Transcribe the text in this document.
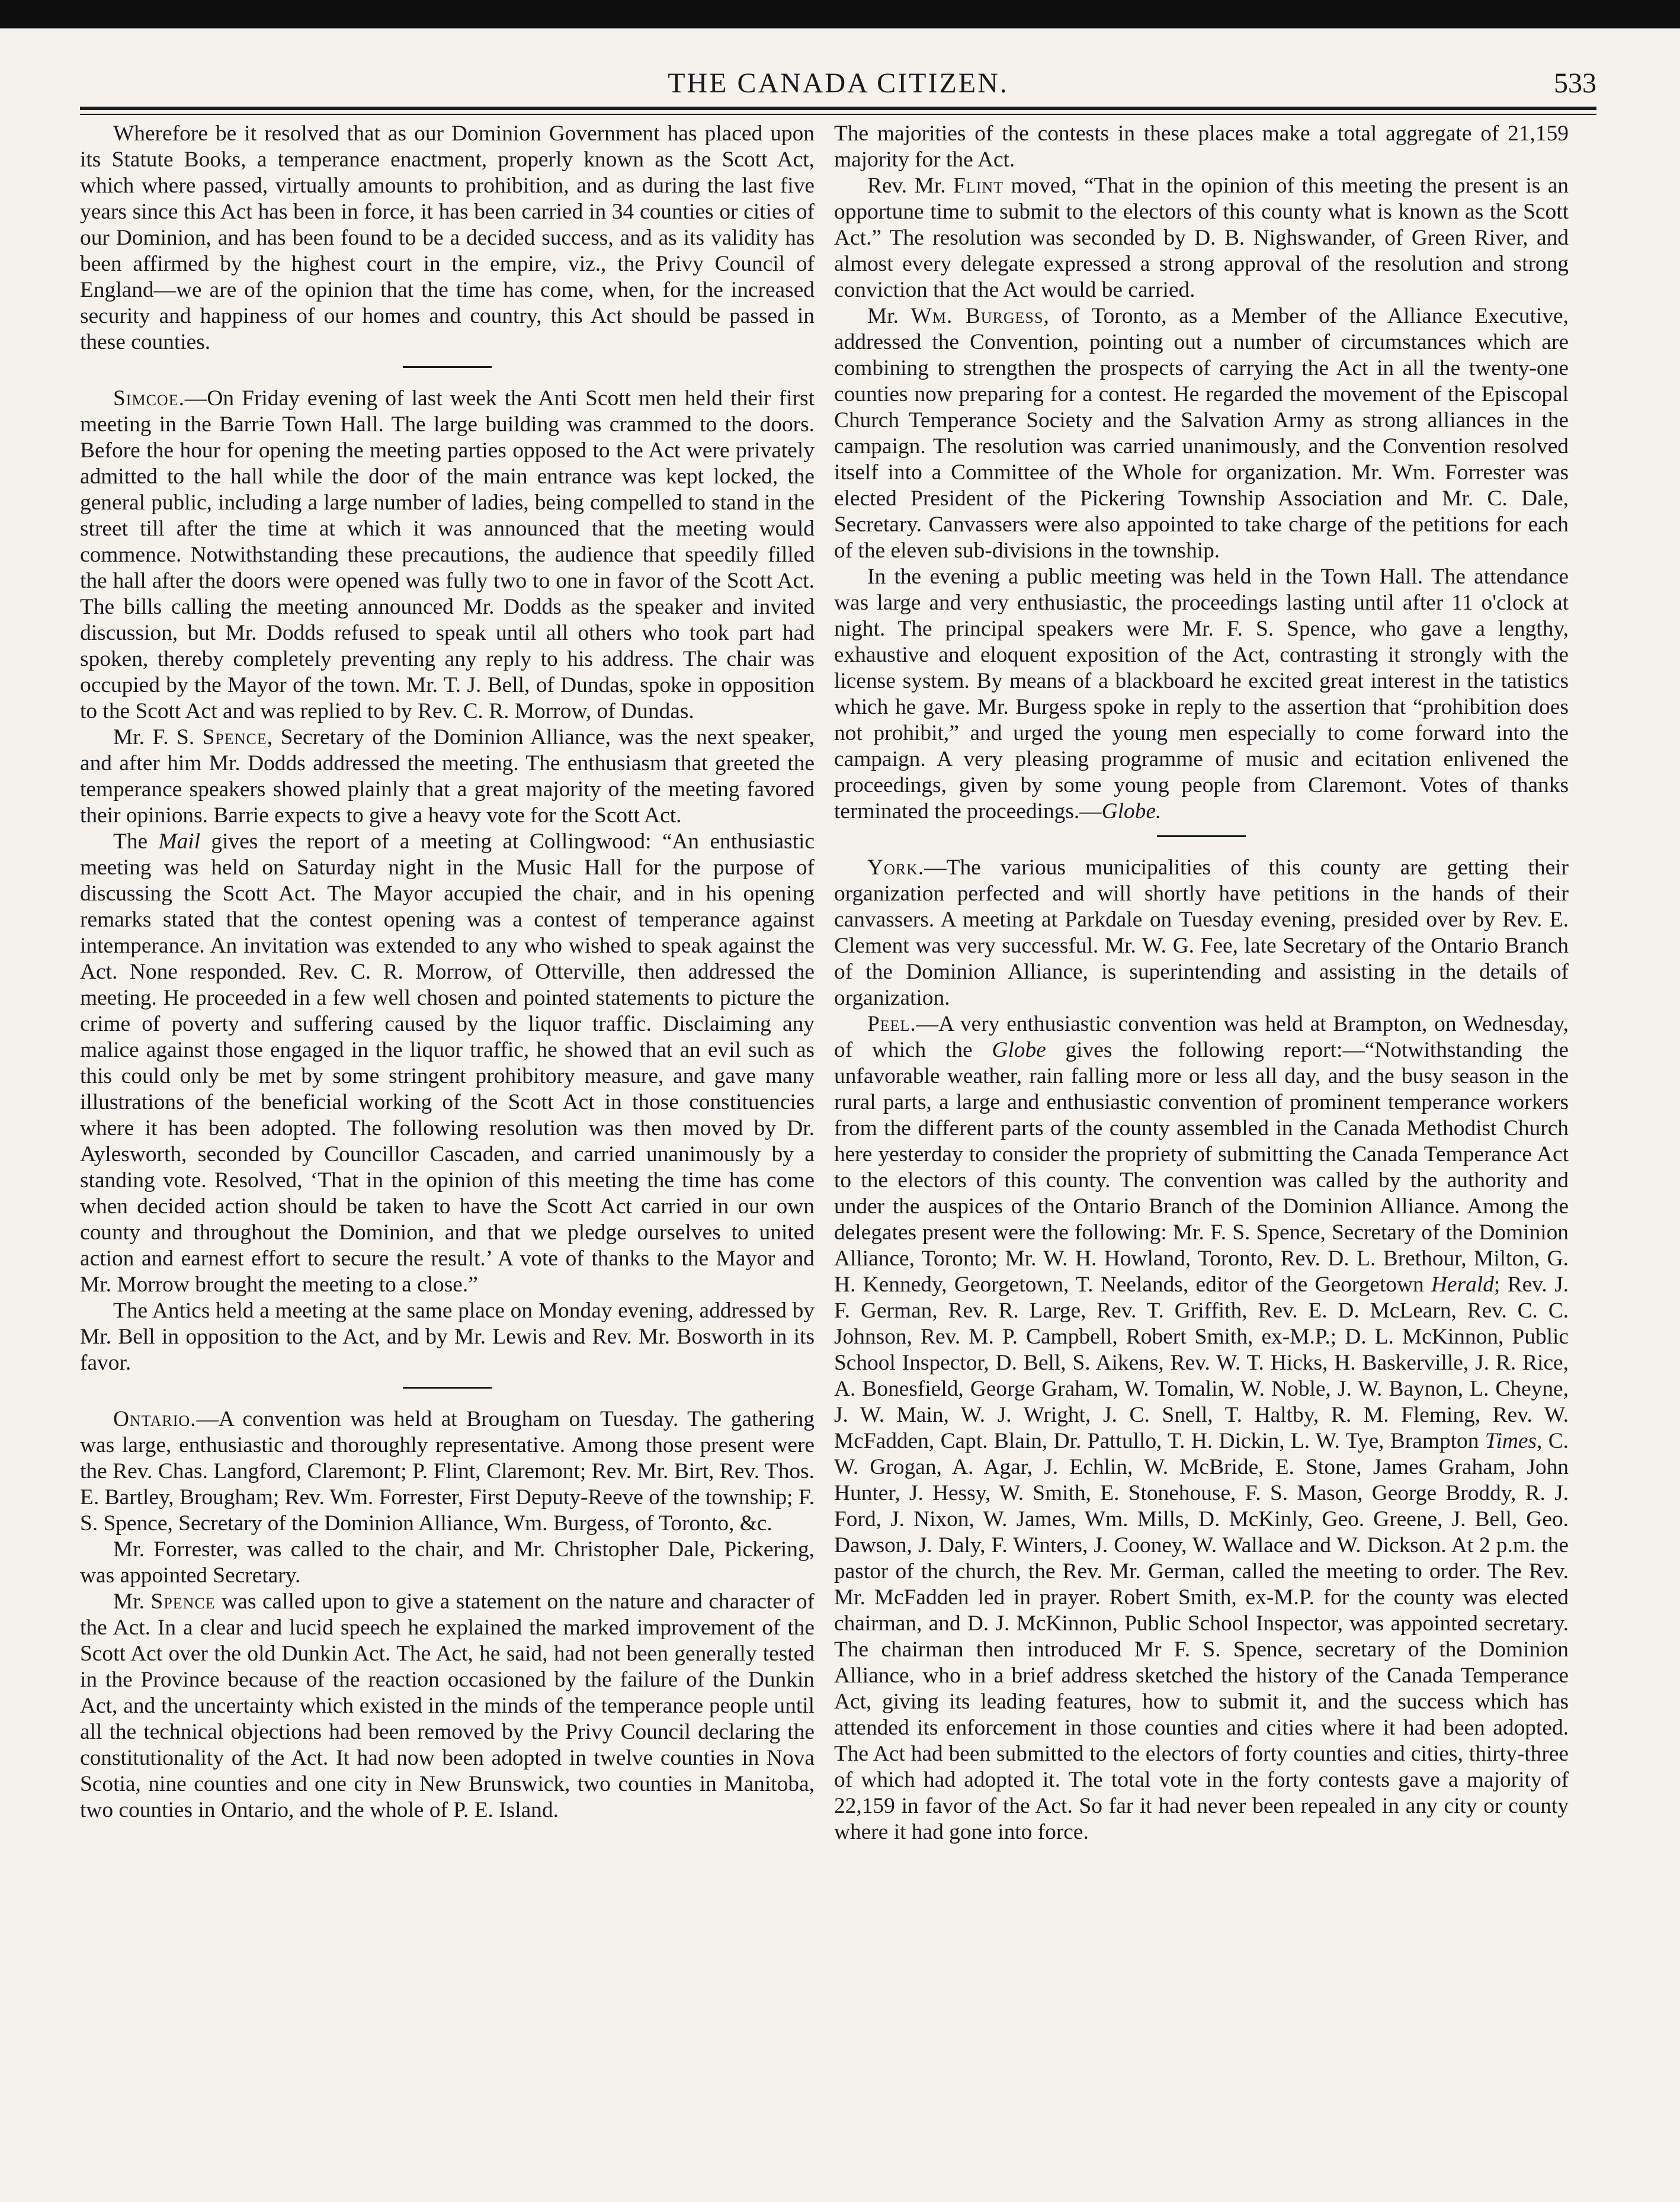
THE CANADA CITIZEN.	533

Wherefore be it resolved that as our Dominion Government has placed upon its Statute Books, a temperance enactment, properly known as the Scott Act, which where passed, virtually amounts to prohibition, and as during the last five years since this Act has been in force, it has been carried in 34 counties or cities of our Dominion, and has been found to be a decided success, and as its validity has been affirmed by the highest court in the empire, viz., the Privy Council of England—we are of the opinion that the time has come, when, for the increased security and happiness of our homes and country, this Act should be passed in these counties.

Simcoe.—On Friday evening of last week the Anti Scott men held their first meeting in the Barrie Town Hall. The large building was crammed to the doors. Before the hour for opening the meeting parties opposed to the Act were privately admitted to the hall while the door of the main entrance was kept locked, the general public, including a large number of ladies, being compelled to stand in the street till after the time at which it was announced that the meeting would commence. Notwithstanding these precautions, the audience that speedily filled the hall after the doors were opened was fully two to one in favor of the Scott Act. The bills calling the meeting announced Mr. Dodds as the speaker and invited discussion, but Mr. Dodds refused to speak until all others who took part had spoken, thereby completely preventing any reply to his address. The chair was occupied by the Mayor of the town. Mr. T. J. Bell, of Dundas, spoke in opposition to the Scott Act and was replied to by Rev. C. R. Morrow, of Dundas.

Mr. F. S. Spence, Secretary of the Dominion Alliance, was the next speaker, and after him Mr. Dodds addressed the meeting. The enthusiasm that greeted the temperance speakers showed plainly that a great majority of the meeting favored their opinions. Barrie expects to give a heavy vote for the Scott Act.

The Mail gives the report of a meeting at Collingwood: “An enthusiastic meeting was held on Saturday night in the Music Hall for the purpose of discussing the Scott Act. The Mayor accupied the chair, and in his opening remarks stated that the contest opening was a contest of temperance against intemperance. An invitation was extended to any who wished to speak against the Act. None responded. Rev. C. R. Morrow, of Otterville, then addressed the meeting. He proceeded in a few well chosen and pointed statements to picture the crime of poverty and suffering caused by the liquor traffic. Disclaiming any malice against those engaged in the liquor traffic, he showed that an evil such as this could only be met by some stringent prohibitory measure, and gave many illustrations of the beneficial working of the Scott Act in those constituencies where it has been adopted. The following resolution was then moved by Dr. Aylesworth, seconded by Councillor Cascaden, and carried unanimously by a standing vote. Resolved, ‘That in the opinion of this meeting the time has come when decided action should be taken to have the Scott Act carried in our own county and throughout the Dominion, and that we pledge ourselves to united action and earnest effort to secure the result.’ A vote of thanks to the Mayor and Mr. Morrow brought the meeting to a close.”

The Antics held a meeting at the same place on Monday evening, addressed by Mr. Bell in opposition to the Act, and by Mr. Lewis and Rev. Mr. Bosworth in its favor.

Ontario.—A convention was held at Brougham on Tuesday. The gathering was large, enthusiastic and thoroughly representative. Among those present were the Rev. Chas. Langford, Claremont; P. Flint, Claremont; Rev. Mr. Birt, Rev. Thos. E. Bartley, Brougham; Rev. Wm. Forrester, First Deputy-Reeve of the township; F. S. Spence, Secretary of the Dominion Alliance, Wm. Burgess, of Toronto, &c.

Mr. Forrester, was called to the chair, and Mr. Christopher Dale, Pickering, was appointed Secretary.

Mr. Spence was called upon to give a statement on the nature and character of the Act. In a clear and lucid speech he explained the marked improvement of the Scott Act over the old Dunkin Act. The Act, he said, had not been generally tested in the Province because of the reaction occasioned by the failure of the Dunkin Act, and the uncertainty which existed in the minds of the temperance people until all the technical objections had been removed by the Privy Council declaring the constitutionality of the Act. It had now been adopted in twelve counties in Nova Scotia, nine counties and one city in New Brunswick, two counties in Manitoba, two counties in Ontario, and the whole of P. E. Island.

The majorities of the contests in these places make a total aggregate of 21,159 majority for the Act.

Rev. Mr. Flint moved, “That in the opinion of this meeting the present is an opportune time to submit to the electors of this county what is known as the Scott Act.” The resolution was seconded by D. B. Nighswander, of Green River, and almost every delegate expressed a strong approval of the resolution and strong conviction that the Act would be carried.

Mr. Wm. Burgess, of Toronto, as a Member of the Alliance Executive, addressed the Convention, pointing out a number of circumstances which are combining to strengthen the prospects of carrying the Act in all the twenty-one counties now preparing for a contest. He regarded the movement of the Episcopal Church Temperance Society and the Salvation Army as strong alliances in the campaign. The resolution was carried unanimously, and the Convention resolved itself into a Committee of the Whole for organization. Mr. Wm. Forrester was elected President of the Pickering Township Association and Mr. C. Dale, Secretary. Canvassers were also appointed to take charge of the petitions for each of the eleven sub-divisions in the township.

In the evening a public meeting was held in the Town Hall. The attendance was large and very enthusiastic, the proceedings lasting until after 11 o'clock at night. The principal speakers were Mr. F. S. Spence, who gave a lengthy, exhaustive and eloquent exposition of the Act, contrasting it strongly with the license system. By means of a blackboard he excited great interest in the tatistics which he gave. Mr. Burgess spoke in reply to the assertion that “prohibition does not prohibit,” and urged the young men especially to come forward into the campaign. A very pleasing programme of music and ecitation enlivened the proceedings, given by some young people from Claremont. Votes of thanks terminated the proceedings.—Globe.

York.—The various municipalities of this county are getting their organization perfected and will shortly have petitions in the hands of their canvassers. A meeting at Parkdale on Tuesday evening, presided over by Rev. E. Clement was very successful. Mr. W. G. Fee, late Secretary of the Ontario Branch of the Dominion Alliance, is superintending and assisting in the details of organization.

Peel.—A very enthusiastic convention was held at Brampton, on Wednesday, of which the Globe gives the following report:—“Notwithstanding the unfavorable weather, rain falling more or less all day, and the busy season in the rural parts, a large and enthusiastic convention of prominent temperance workers from the different parts of the county assembled in the Canada Methodist Church here yesterday to consider the propriety of submitting the Canada Temperance Act to the electors of this county. The convention was called by the authority and under the auspices of the Ontario Branch of the Dominion Alliance. Among the delegates present were the following: Mr. F. S. Spence, Secretary of the Dominion Alliance, Toronto; Mr. W. H. Howland, Toronto, Rev. D. L. Brethour, Milton, G. H. Kennedy, Georgetown, T. Neelands, editor of the Georgetown Herald; Rev. J. F. German, Rev. R. Large, Rev. T. Griffith, Rev. E. D. McLearn, Rev. C. C. Johnson, Rev. M. P. Campbell, Robert Smith, ex-M.P.; D. L. McKinnon, Public School Inspector, D. Bell, S. Aikens, Rev. W. T. Hicks, H. Baskerville, J. R. Rice, A. Bonesfield, George Graham, W. Tomalin, W. Noble, J. W. Baynon, L. Cheyne, J. W. Main, W. J. Wright, J. C. Snell, T. Haltby, R. M. Fleming, Rev. W. McFadden, Capt. Blain, Dr. Pattullo, T. H. Dickin, L. W. Tye, Brampton Times, C. W. Grogan, A. Agar, J. Echlin, W. McBride, E. Stone, James Graham, John Hunter, J. Hessy, W. Smith, E. Stonehouse, F. S. Mason, George Broddy, R. J. Ford, J. Nixon, W. James, Wm. Mills, D. McKinly, Geo. Greene, J. Bell, Geo. Dawson, J. Daly, F. Winters, J. Cooney, W. Wallace and W. Dickson. At 2 p.m. the pastor of the church, the Rev. Mr. German, called the meeting to order. The Rev. Mr. McFadden led in prayer. Robert Smith, ex-M.P. for the county was elected chairman, and D. J. McKinnon, Public School Inspector, was appointed secretary. The chairman then introduced Mr F. S. Spence, secretary of the Dominion Alliance, who in a brief address sketched the history of the Canada Temperance Act, giving its leading features, how to submit it, and the success which has attended its enforcement in those counties and cities where it had been adopted. The Act had been submitted to the electors of forty counties and cities, thirty-three of which had adopted it. The total vote in the forty contests gave a majority of 22,159 in favor of the Act. So far it had never been repealed in any city or county where it had gone into force.
